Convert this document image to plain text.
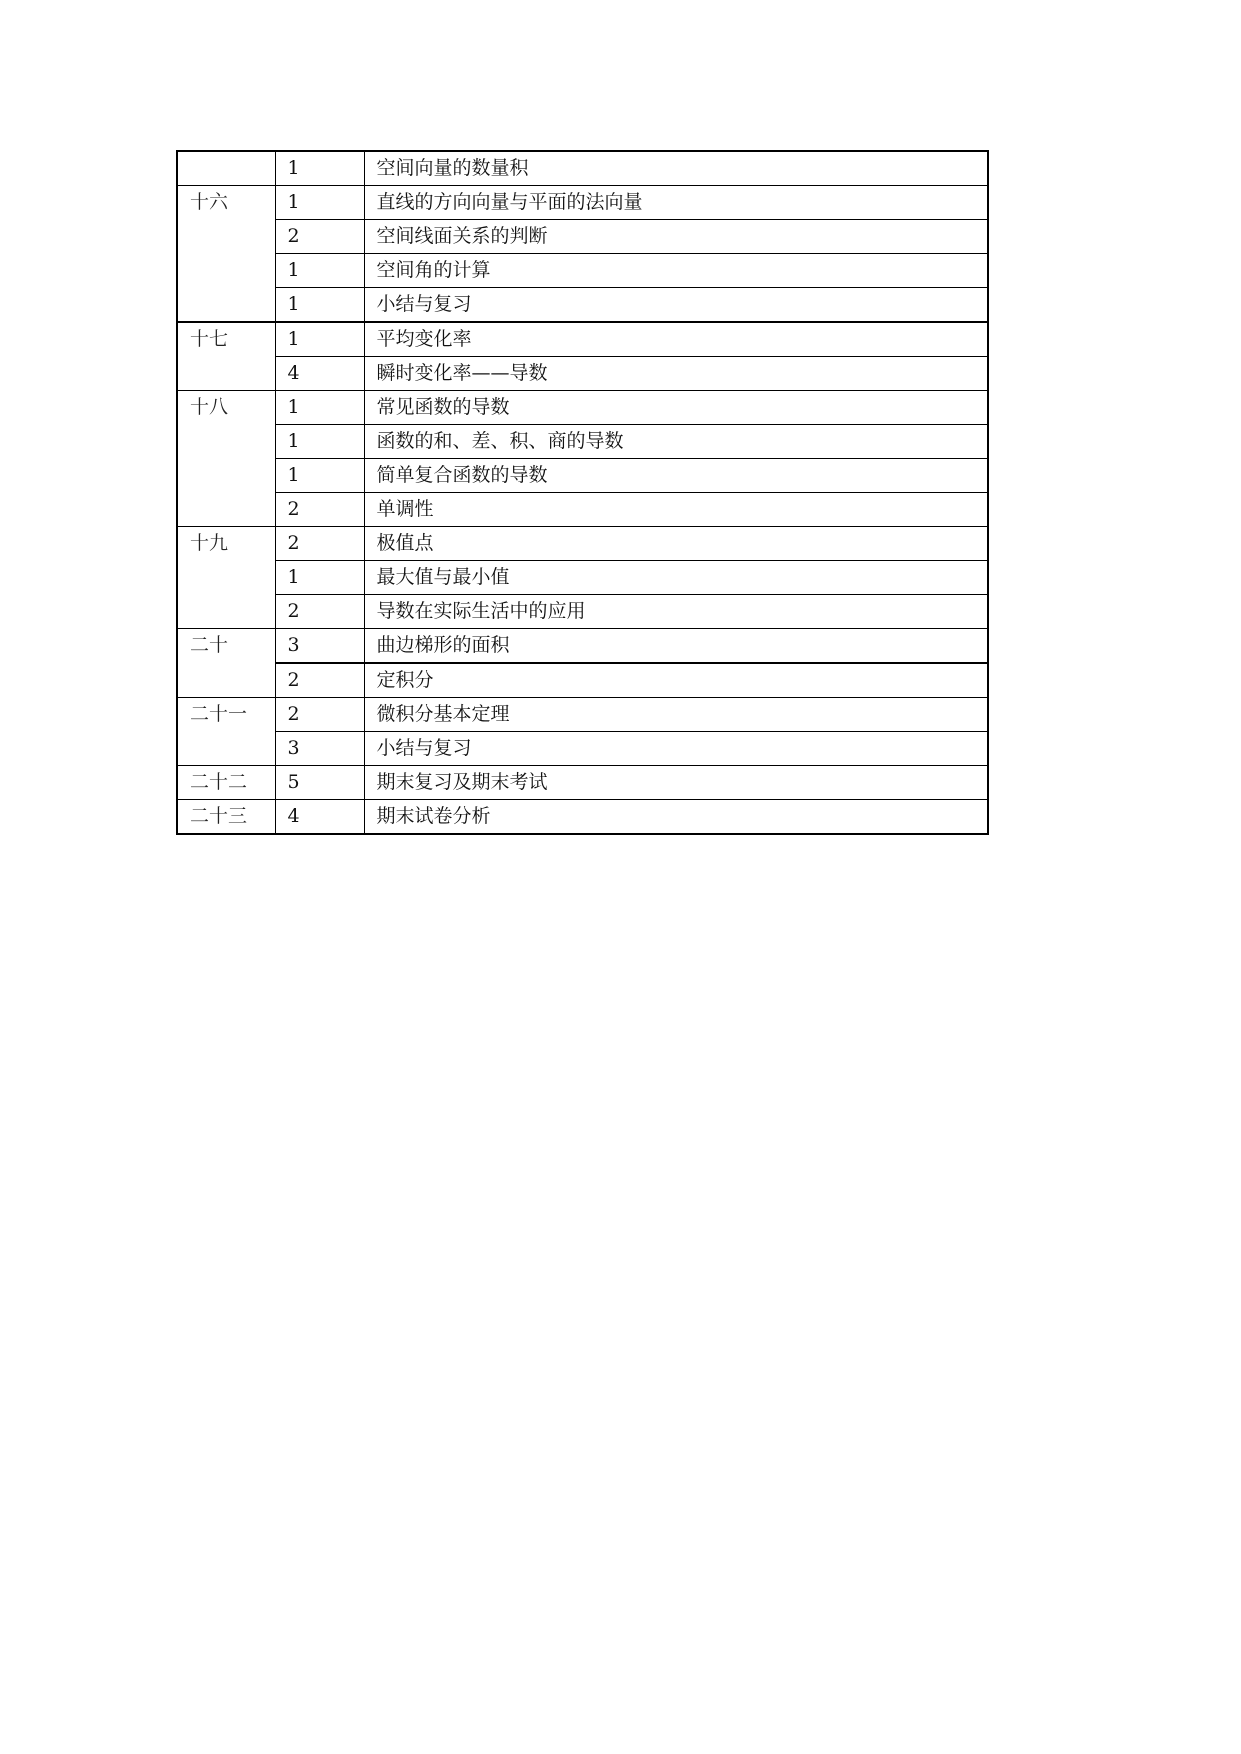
	1	空间向量的数量积
十六	1	直线的方向向量与平面的法向量
	2	空间线面关系的判断
	1	空间角的计算
	1	小结与复习
十七	1	平均变化率
	4	瞬时变化率——导数
十八	1	常见函数的导数
	1	函数的和、差、积、商的导数
	1	简单复合函数的导数
	2	单调性
十九	2	极值点
	1	最大值与最小值
	2	导数在实际生活中的应用
二十	3	曲边梯形的面积
	2	定积分
二十一	2	微积分基本定理
	3	小结与复习
二十二	5	期末复习及期末考试
二十三	4	期末试卷分析
